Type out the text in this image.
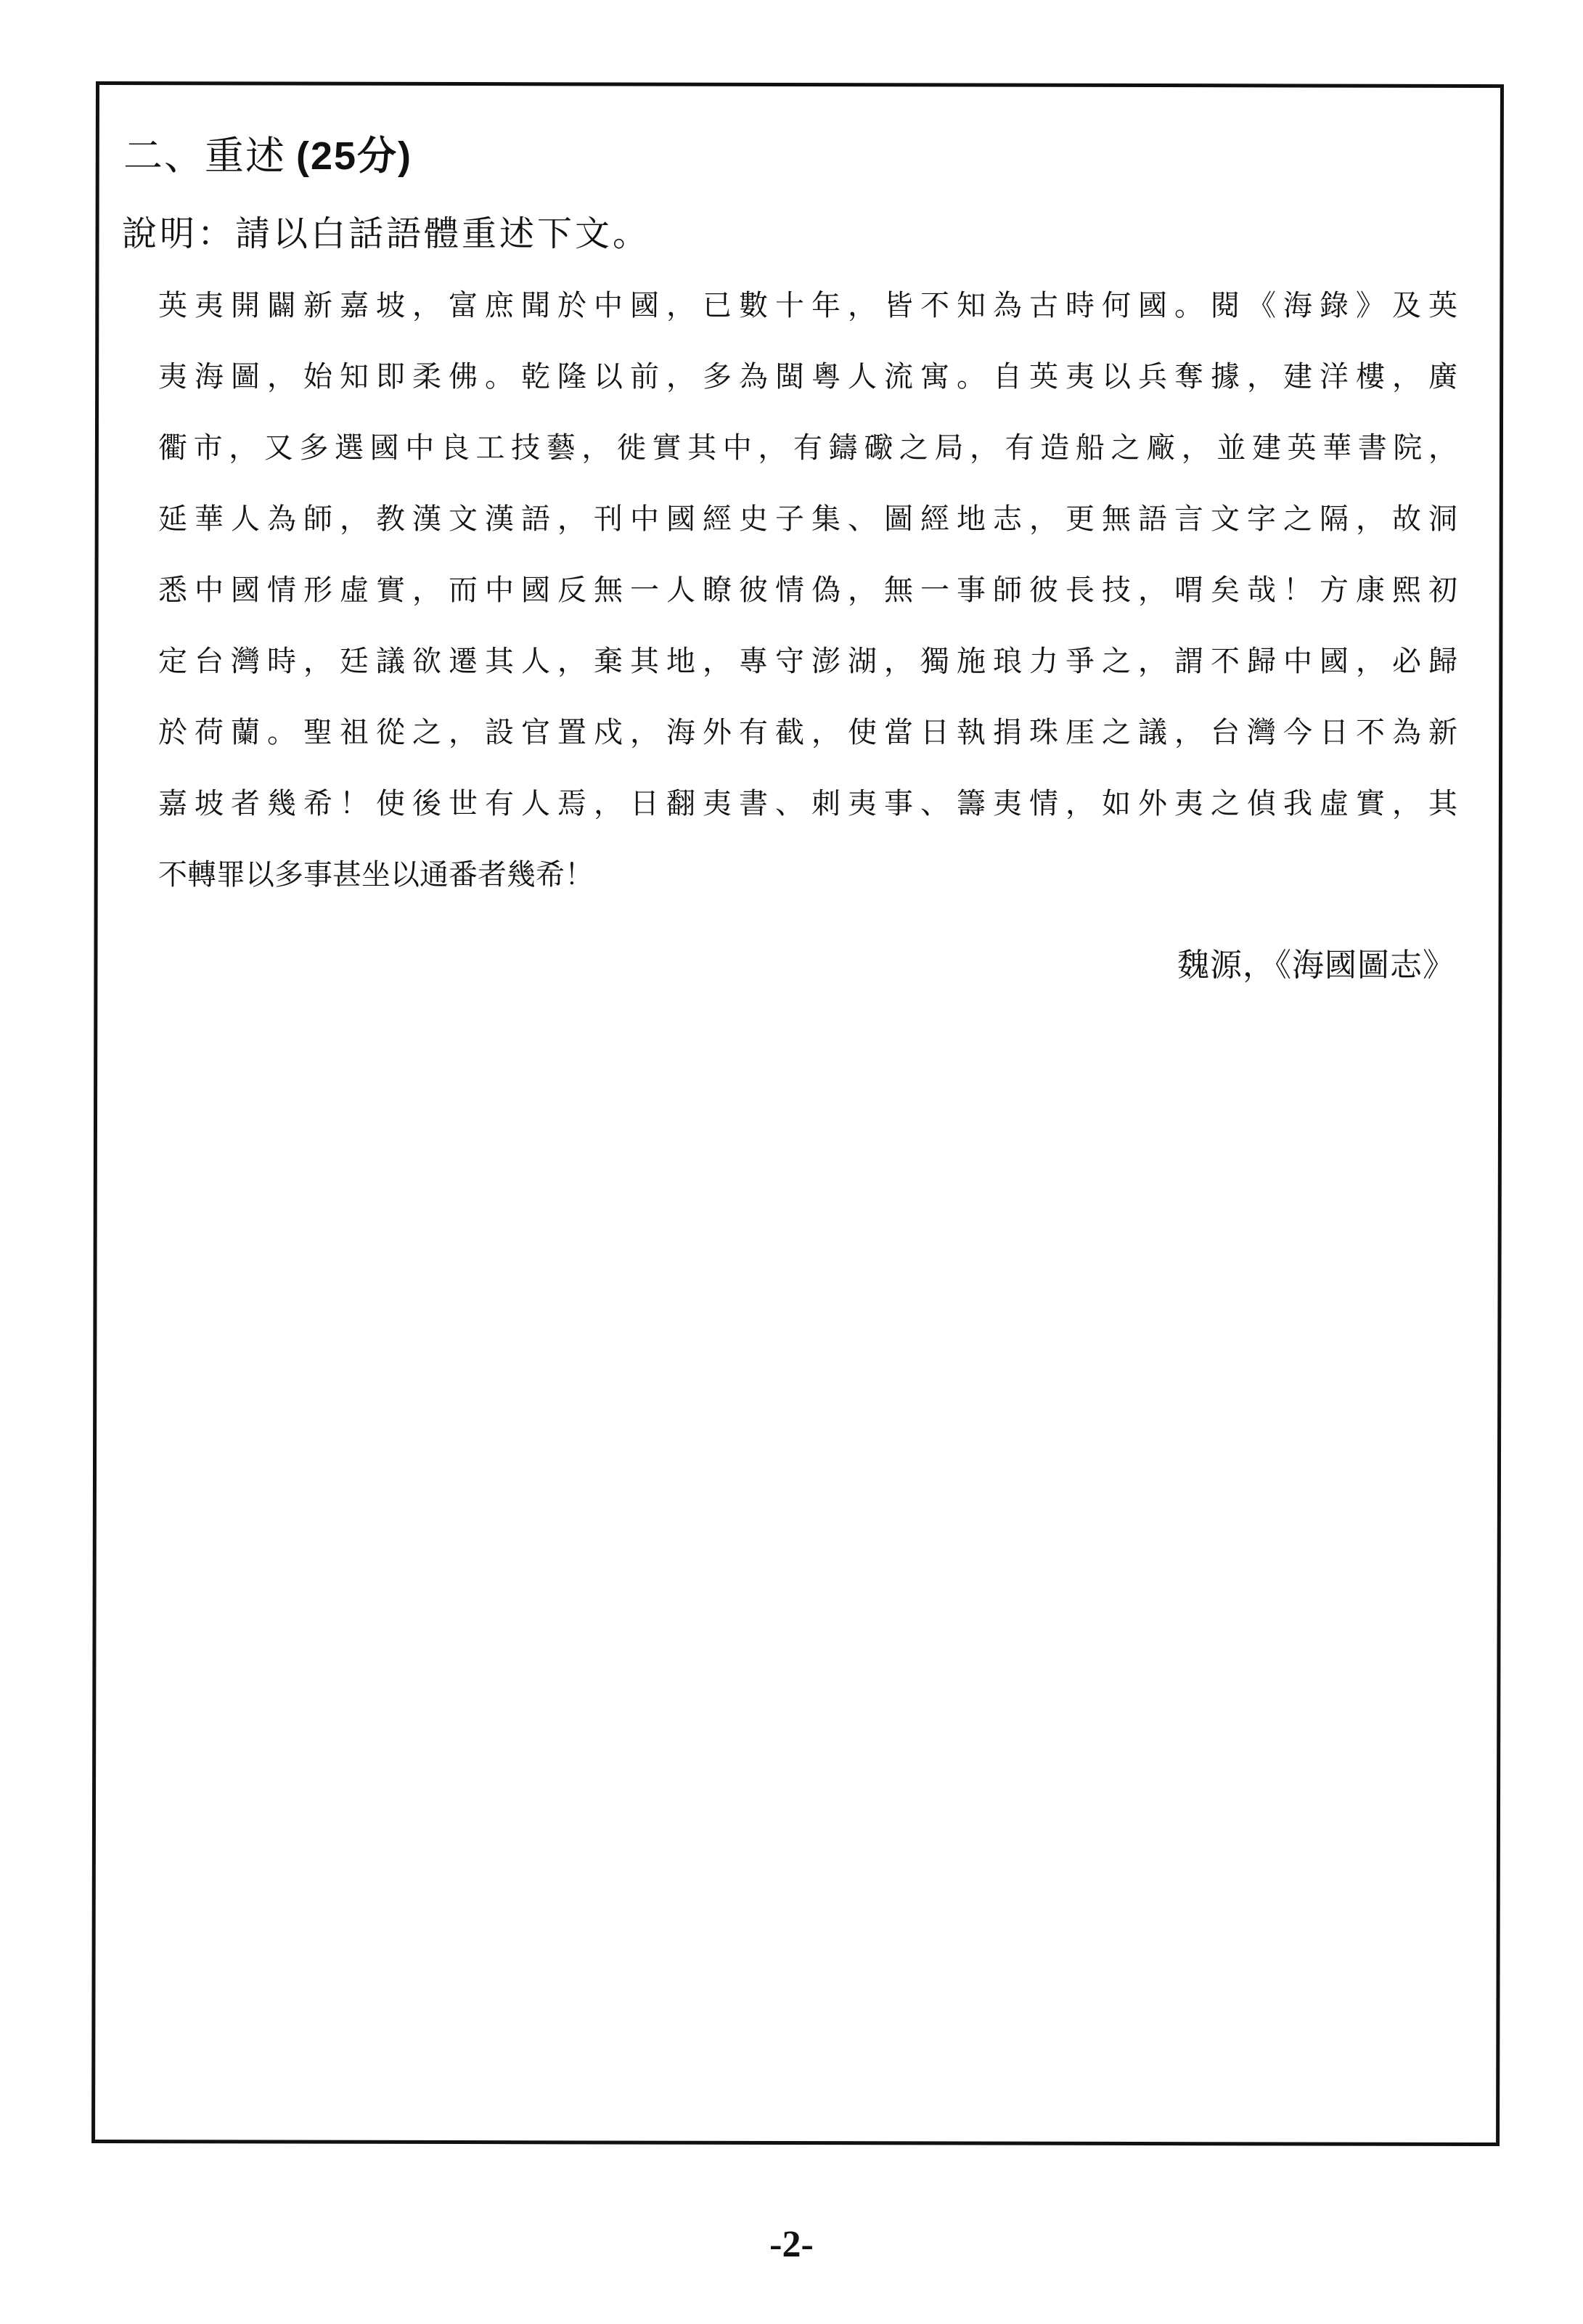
二、重述 (25分)
說明：請以白話語體重述下文。
英夷開闢新嘉坡，富庶聞於中國，已數十年，皆不知為古時何國。閱《海錄》及英
夷海圖，始知即柔佛。乾隆以前，多為閩粵人流寓。自英夷以兵奪據，建洋樓，廣
衢市，又多選國中良工技藝，徙實其中，有鑄礮之局，有造船之廠，並建英華書院，
延華人為師，教漢文漢語，刊中國經史子集、圖經地志，更無語言文字之隔，故洞
悉中國情形虛實，而中國反無一人瞭彼情偽，無一事師彼長技，喟矣哉！方康熙初
定台灣時，廷議欲遷其人，棄其地，專守澎湖，獨施琅力爭之，謂不歸中國，必歸
於荷蘭。聖祖從之，設官置戍，海外有截，使當日執捐珠厓之議，台灣今日不為新
嘉坡者幾希！使後世有人焉，日翻夷書、刺夷事、籌夷情，如外夷之偵我虛實，其
不轉罪以多事甚坐以通番者幾希！
魏源，《海國圖志》
-2-
